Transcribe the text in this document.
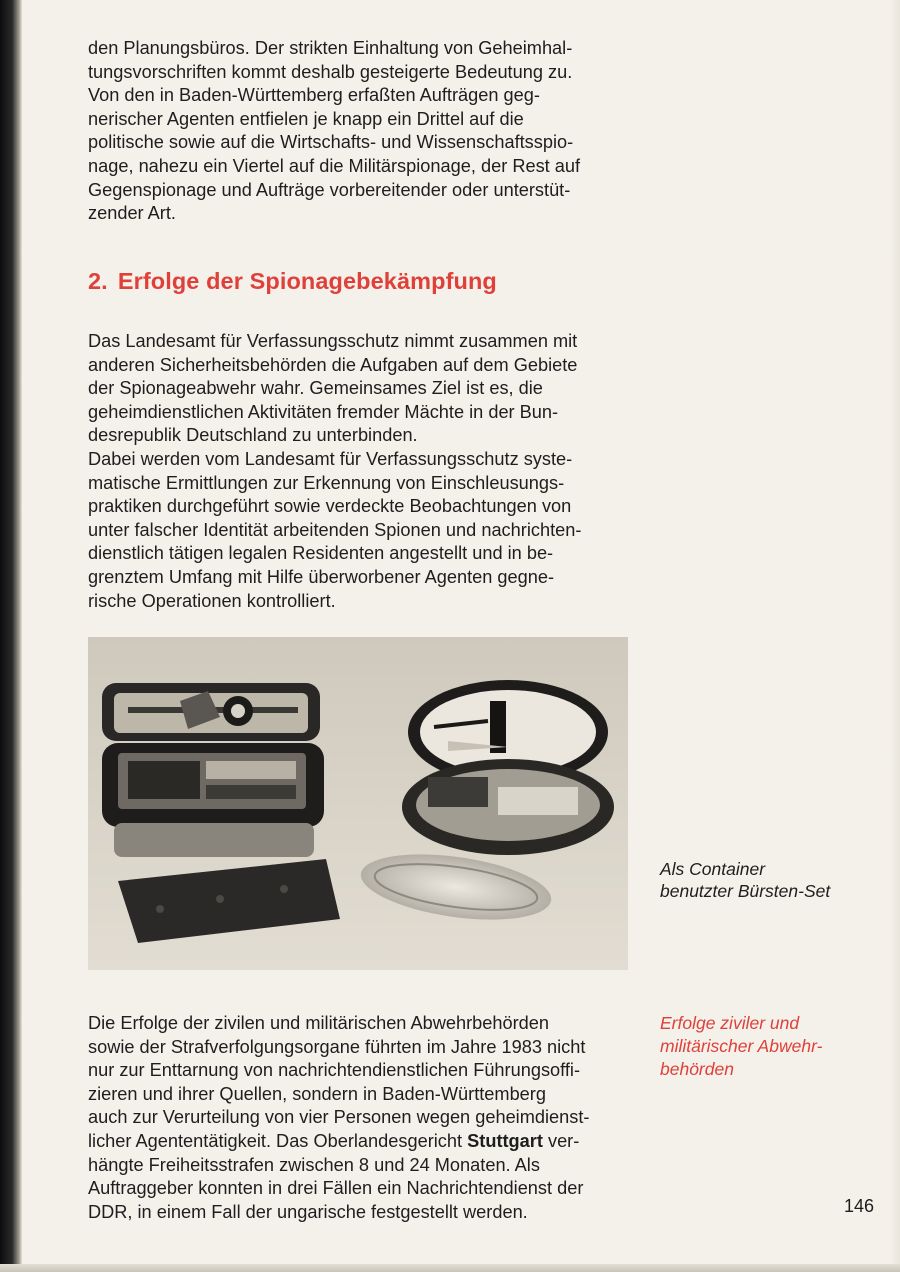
den Planungsbüros. Der strikten Einhaltung von Geheimhal-
tungsvorschriften kommt deshalb gesteigerte Bedeutung zu.
Von den in Baden-Württemberg erfaßten Aufträgen geg-
nerischer Agenten entfielen je knapp ein Drittel auf die
politische sowie auf die Wirtschafts- und Wissenschaftsspio-
nage, nahezu ein Viertel auf die Militärspionage, der Rest auf
Gegenspionage und Aufträge vorbereitender oder unterstüt-
zender Art.

2. Erfolge der Spionagebekämpfung

Das Landesamt für Verfassungsschutz nimmt zusammen mit
anderen Sicherheitsbehörden die Aufgaben auf dem Gebiete
der Spionageabwehr wahr. Gemeinsames Ziel ist es, die
geheimdienstlichen Aktivitäten fremder Mächte in der Bun-
desrepublik Deutschland zu unterbinden.
Dabei werden vom Landesamt für Verfassungsschutz syste-
matische Ermittlungen zur Erkennung von Einschleusungs-
praktiken durchgeführt sowie verdeckte Beobachtungen von
unter falscher Identität arbeitenden Spionen und nachrichten-
dienstlich tätigen legalen Residenten angestellt und in be-
grenztem Umfang mit Hilfe überworbener Agenten gegne-
rische Operationen kontrolliert.

Als Container
benutzter Bürsten-Set

Erfolge ziviler und
militärischer Abwehr-
behörden

Die Erfolge der zivilen und militärischen Abwehrbehörden
sowie der Strafverfolgungsorgane führten im Jahre 1983 nicht
nur zur Enttarnung von nachrichtendienstlichen Führungsoffi-
zieren und ihrer Quellen, sondern in Baden-Württemberg
auch zur Verurteilung von vier Personen wegen geheimdienst-
licher Agententätigkeit. Das Oberlandesgericht Stuttgart ver-
hängte Freiheitsstrafen zwischen 8 und 24 Monaten. Als
Auftraggeber konnten in drei Fällen ein Nachrichtendienst der
DDR, in einem Fall der ungarische festgestellt werden.	146
